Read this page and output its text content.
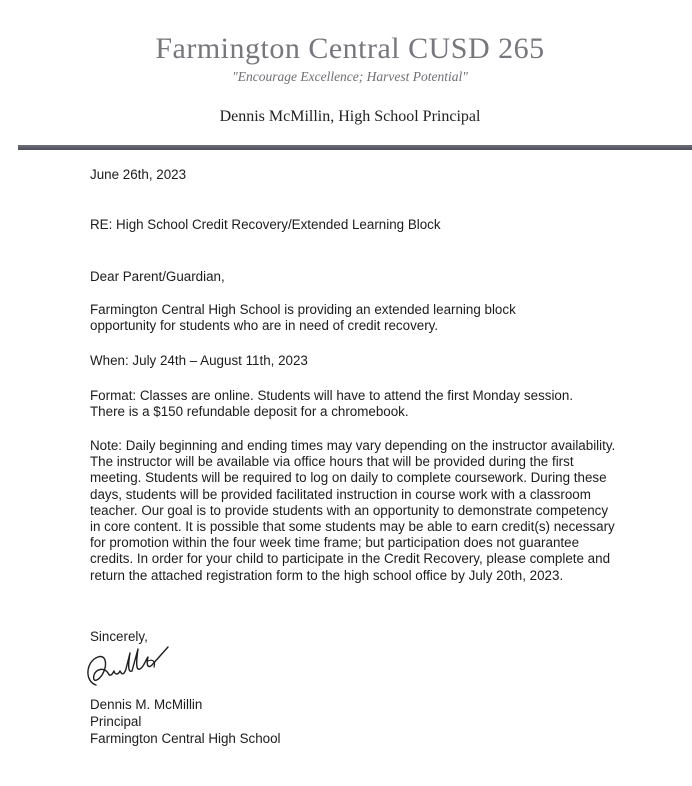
Farmington Central CUSD 265
"Encourage Excellence; Harvest Potential"
Dennis McMillin, High School Principal

June 26th, 2023

RE: High School Credit Recovery/Extended Learning Block

Dear Parent/Guardian,

Farmington Central High School is providing an extended learning block opportunity for students who are in need of credit recovery.

When: July 24th – August 11th, 2023

Format: Classes are online. Students will have to attend the first Monday session. There is a $150 refundable deposit for a chromebook.

Note: Daily beginning and ending times may vary depending on the instructor availability. The instructor will be available via office hours that will be provided during the first meeting. Students will be required to log on daily to complete coursework. During these days, students will be provided facilitated instruction in course work with a classroom teacher. Our goal is to provide students with an opportunity to demonstrate competency in core content. It is possible that some students may be able to earn credit(s) necessary for promotion within the four week time frame; but participation does not guarantee credits. In order for your child to participate in the Credit Recovery, please complete and return the attached registration form to the high school office by July 20th, 2023.

Sincerely,

Dennis M. McMillin

Principal

Farmington Central High School
